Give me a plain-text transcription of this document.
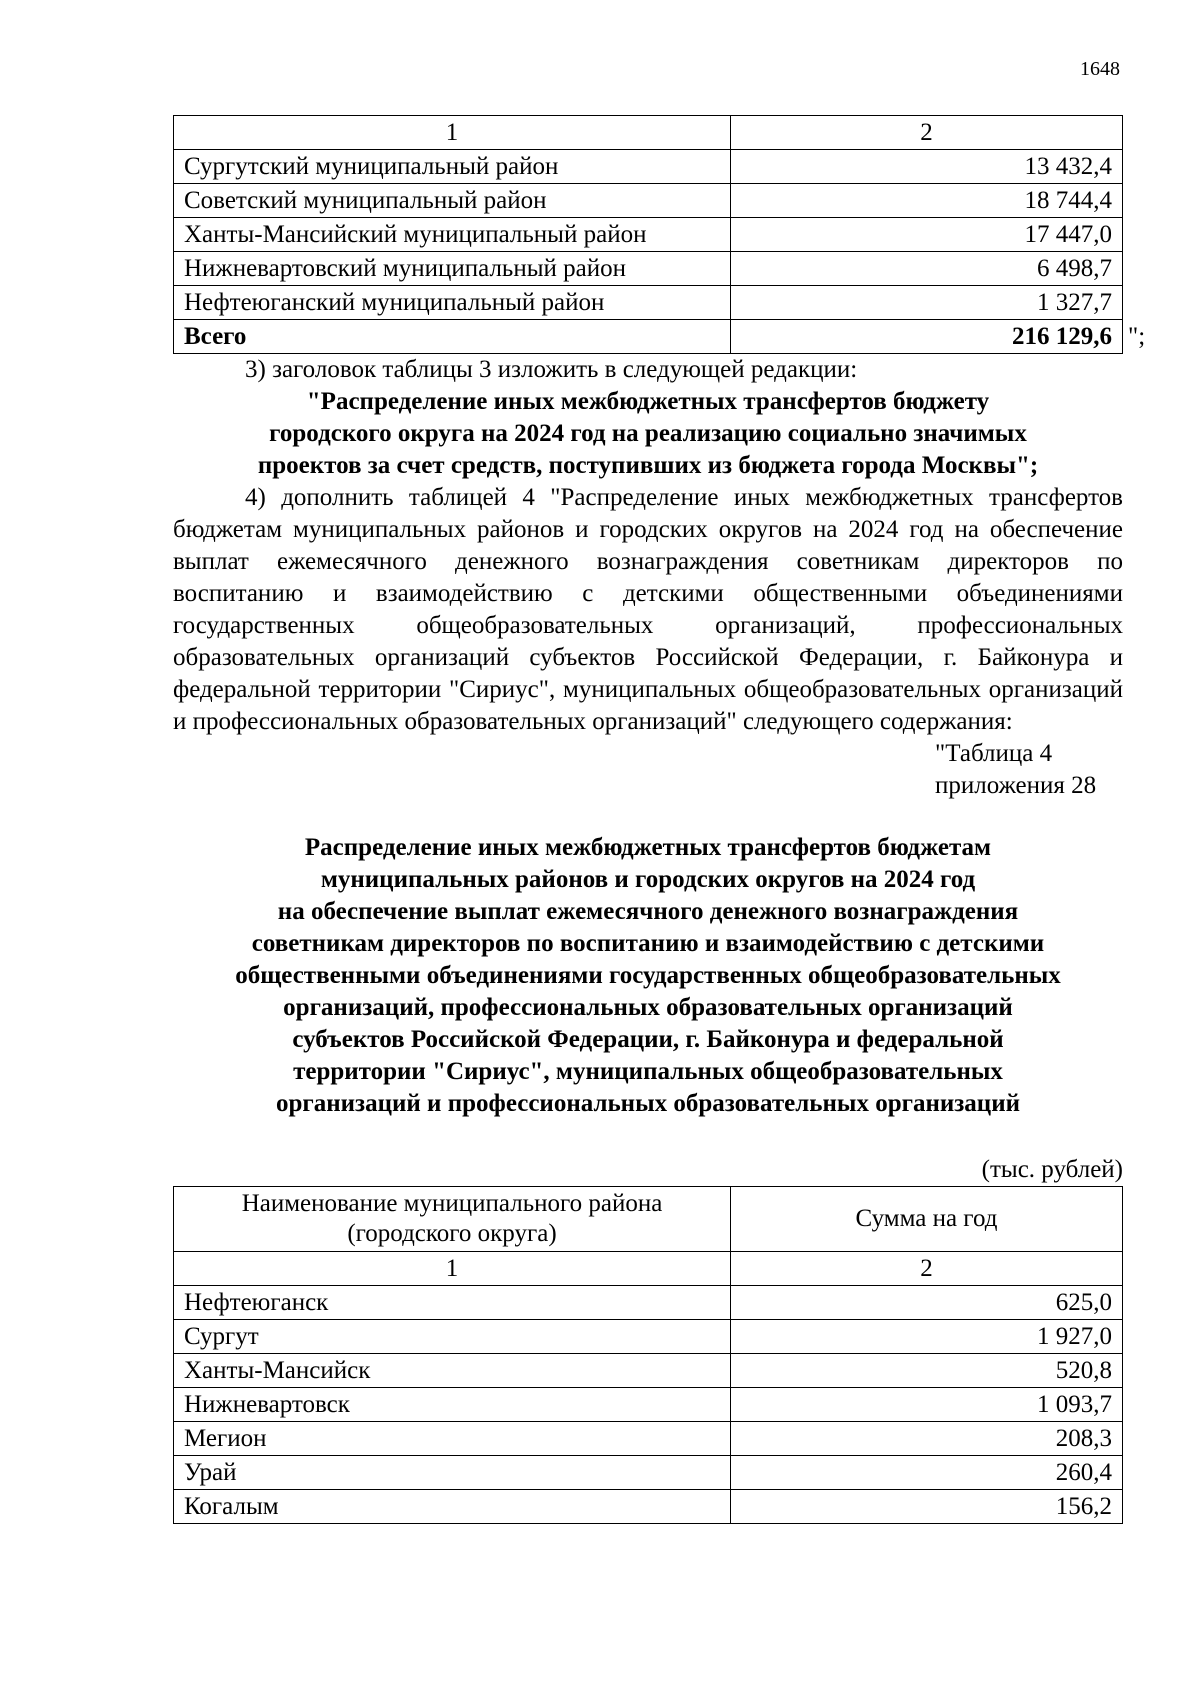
1648
1	2
Сургутский муниципальный район	13 432,4
Советский муниципальный район	18 744,4
Ханты-Мансийский муниципальный район	17 447,0
Нижневартовский муниципальный район	6 498,7
Нефтеюганский муниципальный район	1 327,7
Всего	216 129,6

3) заголовок таблицы 3 изложить в следующей редакции:

"Распределение иных межбюджетных трансфертов бюджету

городского округа на 2024 год на реализацию социально значимых

проектов за счет средств, поступивших из бюджета города Москвы";

4) дополнить таблицей 4 "Распределение иных межбюджетных трансфертов бюджетам муниципальных районов и городских округов на 2024 год на обеспечение выплат ежемесячного денежного вознаграждения советникам директоров по воспитанию и взаимодействию с детскими общественными объединениями государственных общеобразовательных организаций, профессиональных образовательных организаций субъектов Российской Федерации, г. Байконура и федеральной территории "Сириус", муниципальных общеобразовательных организаций и профессиональных образовательных организаций" следующего содержания:

"Таблица 4
приложения 28

Распределение иных межбюджетных трансфертов бюджетам

муниципальных районов и городских округов на 2024 год

на обеспечение выплат ежемесячного денежного вознаграждения

советникам директоров по воспитанию и взаимодействию с детскими

общественными объединениями государственных общеобразовательных

организаций, профессиональных образовательных организаций

субъектов Российской Федерации, г. Байконура и федеральной

территории "Сириус", муниципальных общеобразовательных

организаций и профессиональных образовательных организаций

(тыс. рублей)
Наименование муниципального района
(городского округа)	Сумма на год
1	2
Нефтеюганск	625,0
Сургут	1 927,0
Ханты-Мансийск	520,8
Нижневартовск	1 093,7
Мегион	208,3
Урай	260,4
Когалым	156,2
";
